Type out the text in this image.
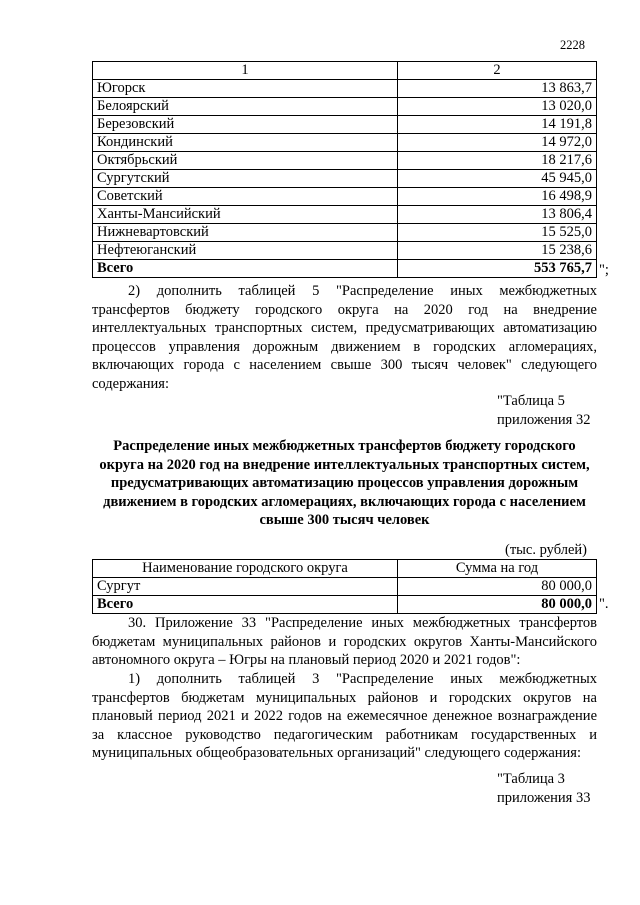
2228
1	2
Югорск	13 863,7
Белоярский	13 020,0
Березовский	14 191,8
Кондинский	14 972,0
Октябрьский	18 217,6
Сургутский	45 945,0
Советский	16 498,9
Ханты-Мансийский	13 806,4
Нижневартовский	15 525,0
Нефтеюганский	15 238,6
Всего	553 765,7 ";
2) дополнить таблицей 5 "Распределение иных межбюджетных трансфертов бюджету городского округа на 2020 год на внедрение интеллектуальных транспортных систем, предусматривающих автоматизацию процессов управления дорожным движением в городских агломерациях, включающих города с населением свыше 300 тысяч человек" следующего содержания:
"Таблица 5
приложения 32
Распределение иных межбюджетных трансфертов бюджету городского округа на 2020 год на внедрение интеллектуальных транспортных систем, предусматривающих автоматизацию процессов управления дорожным движением в городских агломерациях, включающих города с населением свыше 300 тысяч человек
(тыс. рублей)
Наименование городского округа	Сумма на год
Сургут	80 000,0
Всего	80 000,0 ".
30. Приложение 33 "Распределение иных межбюджетных трансфертов бюджетам муниципальных районов и городских округов Ханты-Мансийского автономного округа – Югры на плановый период 2020 и 2021 годов":
1) дополнить таблицей 3 "Распределение иных межбюджетных трансфертов бюджетам муниципальных районов и городских округов на плановый период 2021 и 2022 годов на ежемесячное денежное вознаграждение за классное руководство педагогическим работникам государственных и муниципальных общеобразовательных организаций" следующего содержания:
"Таблица 3
приложения 33
